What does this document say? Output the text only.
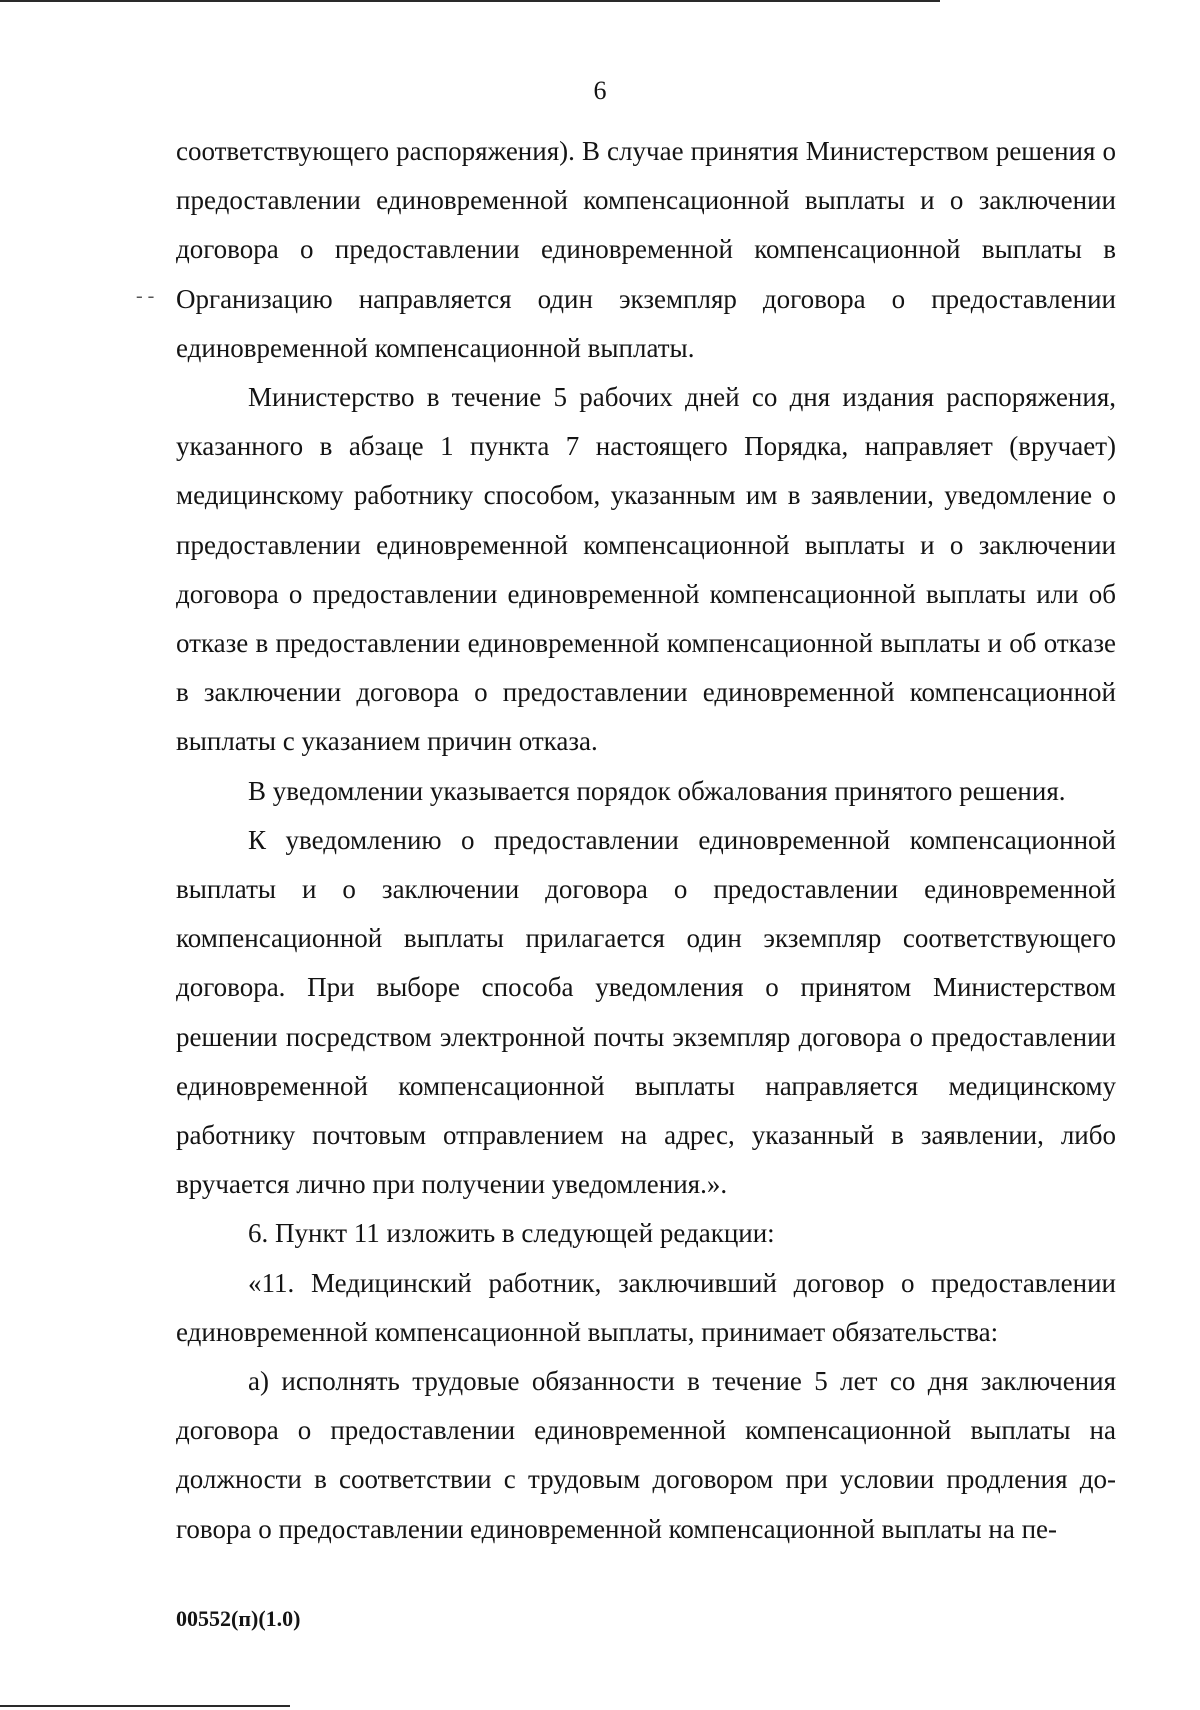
6
- -

соответствующего распоряжения). В случае принятия Министерством решения о предоставлении единовременной компенсационной выплаты и о заключении договора о предоставлении единовременной компенсационной выплаты в Организацию направляется один экземпляр договора о предоставлении единовременной компенсационной выплаты.

Министерство в течение 5 рабочих дней со дня издания распоряжения, указанного в абзаце 1 пункта 7 настоящего Порядка, направляет (вручает) медицинскому работнику способом, указанным им в заявлении, уведомление о предоставлении единовременной компенсационной выплаты и о заключении договора о предоставлении единовременной компенсационной выплаты или об отказе в предоставлении единовременной компенсационной выплаты и об отказе в заключении договора о предоставлении единовременной компенсационной выплаты с указанием причин отказа.

В уведомлении указывается порядок обжалования принятого решения.

К уведомлению о предоставлении единовременной компенсационной выплаты и о заключении договора о предоставлении единовременной компенсационной выплаты прилагается один экземпляр соответствующего договора. При выборе способа уведомления о принятом Министерством решении посредством электронной почты экземпляр договора о предоставлении единовременной компенсационной выплаты направляется медицинскому работнику почтовым отправлением на адрес, указанный в заявлении, либо вручается лично при получении уведомления.».

6. Пункт 11 изложить в следующей редакции:

«11. Медицинский работник, заключивший договор о предоставлении единовременной компенсационной выплаты, принимает обязательства:

а) исполнять трудовые обязанности в течение 5 лет со дня заключения договора о предоставлении единовременной компенсационной выплаты на должности в соответствии с трудовым договором при условии продления договора о предоставлении единовременной компенсационной выплаты на пе-

00552(п)(1.0)
